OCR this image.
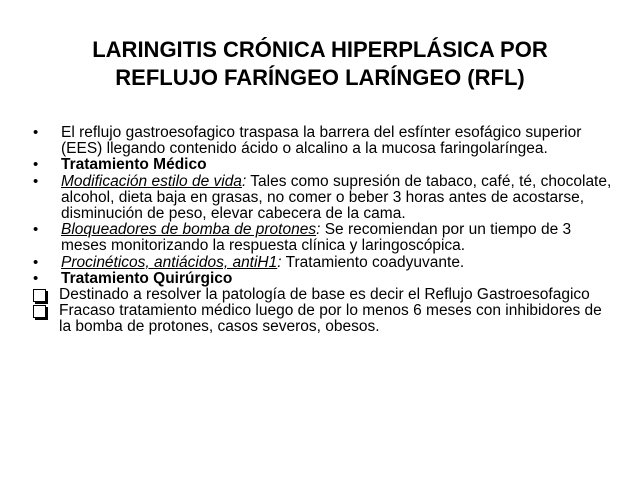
LARINGITIS CRÓNICA HIPERPLÁSICA POR
REFLUJO FARÍNGEO LARÍNGEO (RFL)

•	El reflujo gastroesofagico traspasa la barrera del esfínter esofágico superior (EES) llegando contenido ácido o alcalino a la mucosa faringolaríngea.

•	Tratamiento Médico

•	Modificación estilo de vida: Tales como supresión de tabaco, café, té, chocolate, alcohol, dieta baja en grasas, no comer o beber 3 horas antes de acostarse, disminución de peso, elevar cabecera de la cama.

•	Bloqueadores de bomba de protones: Se recomiendan por un tiempo de 3 meses monitorizando la respuesta clínica y laringoscópica.

•	Procinéticos, antiácidos, antiH1: Tratamiento coadyuvante.

•	Tratamiento Quirúrgico

Destinado a resolver la patología de base es decir el Reflujo Gastroesofagico

Fracaso tratamiento médico luego de por lo menos 6 meses con inhibidores de la bomba de protones, casos severos, obesos.
